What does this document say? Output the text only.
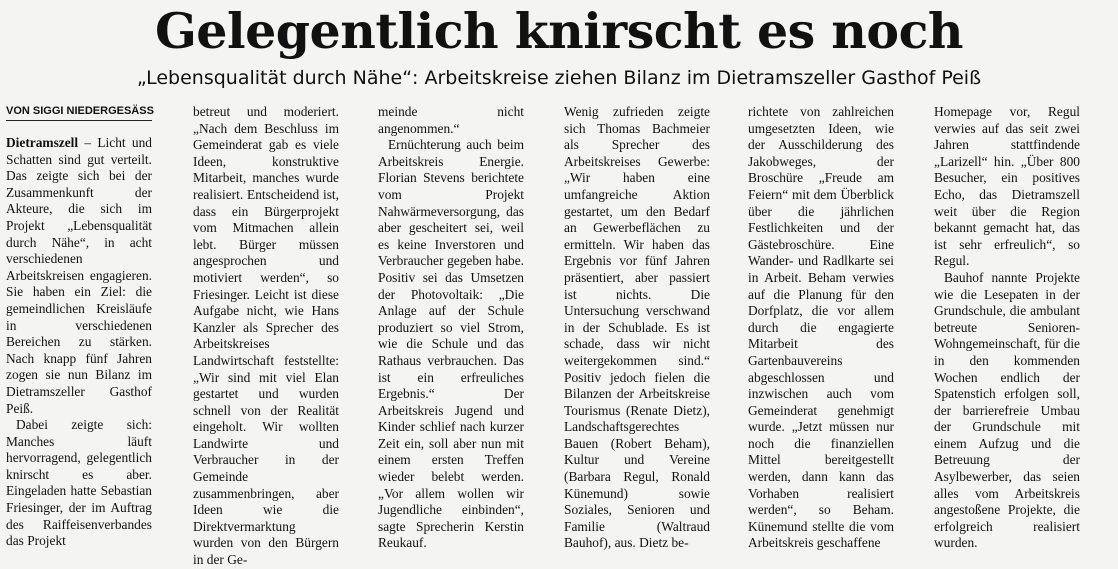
Gelegentlich knirscht es noch
„Lebensqualität durch Nähe“: Arbeitskreise ziehen Bilanz im Dietramszeller Gasthof Peiß
VON SIGGI NIEDERGESÄSS

Dietramszell – Licht und Schatten sind gut verteilt. Das zeigte sich bei der Zusammenkunft der Akteure, die sich im Projekt „Lebensqualität durch Nähe“, in acht verschiedenen Arbeitskreisen engagieren. Sie haben ein Ziel: die gemeindlichen Kreisläufe in verschiedenen Bereichen zu stärken. Nach knapp fünf Jahren zogen sie nun Bilanz im Dietramszeller Gasthof Peiß.

Dabei zeigte sich: Manches läuft hervorragend, gelegentlich knirscht es aber. Eingeladen hatte Sebastian Friesinger, der im Auftrag des Raiffeisenverbandes das Projekt

betreut und moderiert. „Nach dem Beschluss im Gemeinderat gab es viele Ideen, konstruktive Mitarbeit, manches wurde realisiert. Entscheidend ist, dass ein Bürgerprojekt vom Mitmachen allein lebt. Bürger müssen angesprochen und motiviert werden“, so Friesinger. Leicht ist diese Aufgabe nicht, wie Hans Kanzler als Sprecher des Arbeitskreises Landwirtschaft feststellte: „Wir sind mit viel Elan gestartet und wurden schnell von der Realität eingeholt. Wir wollten Landwirte und Verbraucher in der Gemeinde zusammenbringen, aber Ideen wie die Direktvermarktung wurden von den Bürgern in der Ge-

meinde nicht angenommen.“

Ernüchterung auch beim Arbeitskreis Energie. Florian Stevens berichtete vom Projekt Nahwärmeversorgung, das aber gescheitert sei, weil es keine Inverstoren und Verbraucher gegeben habe. Positiv sei das Umsetzen der Photovoltaik: „Die Anlage auf der Schule produziert so viel Strom, wie die Schule und das Rathaus verbrauchen. Das ist ein erfreuliches Ergebnis.“ Der Arbeitskreis Jugend und Kinder schlief nach kurzer Zeit ein, soll aber nun mit einem ersten Treffen wieder belebt werden. „Vor allem wollen wir Jugendliche einbinden“, sagte Sprecherin Kerstin Reukauf.

Wenig zufrieden zeigte sich Thomas Bachmeier als Sprecher des Arbeitskreises Gewerbe: „Wir haben eine umfangreiche Aktion gestartet, um den Bedarf an Gewerbeflächen zu ermitteln. Wir haben das Ergebnis vor fünf Jahren präsentiert, aber passiert ist nichts. Die Untersuchung verschwand in der Schublade. Es ist schade, dass wir nicht weitergekommen sind.“ Positiv jedoch fielen die Bilanzen der Arbeitskreise Tourismus (Renate Dietz), Landschaftsgerechtes Bauen (Robert Beham), Kultur und Vereine (Barbara Regul, Ronald Künemund) sowie Soziales, Senioren und Familie (Waltraud Bauhof), aus. Dietz be-

richtete von zahlreichen umgesetzten Ideen, wie der Ausschilderung des Jakobweges, der Broschüre „Freude am Feiern“ mit dem Überblick über die jährlichen Festlichkeiten und der Gästebroschüre. Eine Wander- und Radlkarte sei in Arbeit. Beham verwies auf die Planung für den Dorfplatz, die vor allem durch die engagierte Mitarbeit des Gartenbauvereins abgeschlossen und inzwischen auch vom Gemeinderat genehmigt wurde. „Jetzt müssen nur noch die finanziellen Mittel bereitgestellt werden, dann kann das Vorhaben realisiert werden“, so Beham. Künemund stellte die vom Arbeitskreis geschaffene

Homepage vor, Regul verwies auf das seit zwei Jahren stattfindende „Larizell“ hin. „Über 800 Besucher, ein positives Echo, das Dietramszell weit über die Region bekannt gemacht hat, das ist sehr erfreulich“, so Regul.

Bauhof nannte Projekte wie die Lesepaten in der Grundschule, die ambulant betreute Senioren-Wohngemeinschaft, für die in den kommenden Wochen endlich der Spatenstich erfolgen soll, der barrierefreie Umbau der Grundschule mit einem Aufzug und die Betreuung der Asylbewerber, das seien alles vom Arbeitskreis angestoßene Projekte, die erfolgreich realisiert wurden.
